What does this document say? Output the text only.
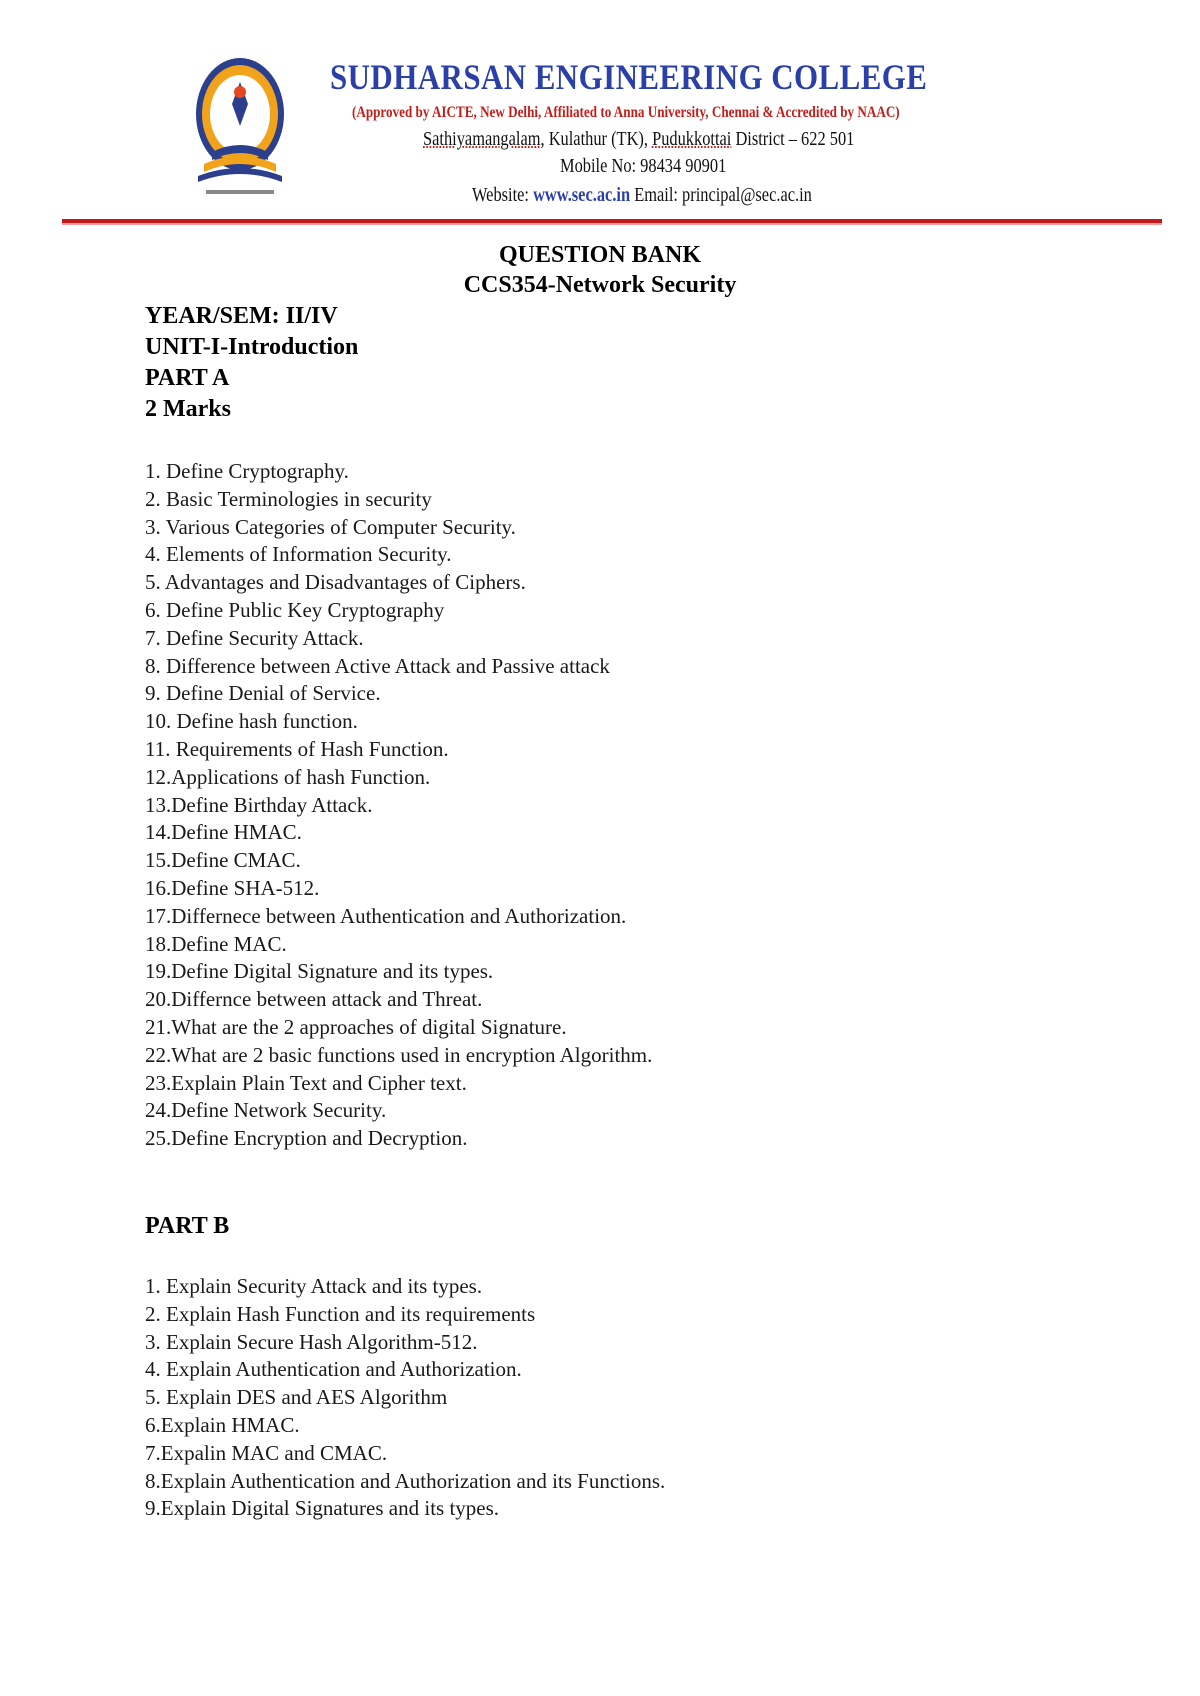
SUDHARSAN ENGINEERING COLLEGE
(Approved by AICTE, New Delhi, Affiliated to Anna University, Chennai & Accredited by NAAC)
Sathiyamangalam, Kulathur (TK), Pudukkottai District – 622 501
Mobile No: 98434 90901
Website: www.sec.ac.in Email: principal@sec.ac.in
QUESTION BANK
CCS354-Network Security
YEAR/SEM: II/IV
UNIT-I-Introduction
PART A
2 Marks
1. Define Cryptography.
2. Basic Terminologies in security
3. Various Categories of Computer Security.
4. Elements of Information Security.
5. Advantages and Disadvantages of Ciphers.
6. Define Public Key Cryptography
7. Define Security Attack.
8. Difference between Active Attack and Passive attack
9. Define Denial of Service.
10. Define hash function.
11. Requirements of Hash Function.
12.Applications of hash Function.
13.Define Birthday Attack.
14.Define HMAC.
15.Define CMAC.
16.Define SHA-512.
17.Differnece between Authentication and Authorization.
18.Define MAC.
19.Define Digital Signature and its types.
20.Differnce between attack and Threat.
21.What are the 2 approaches of digital Signature.
22.What are 2 basic functions used in encryption Algorithm.
23.Explain Plain Text and Cipher text.
24.Define Network Security.
25.Define Encryption and Decryption.
PART B
1. Explain Security Attack and its types.
2. Explain Hash Function and its requirements
3. Explain Secure Hash Algorithm-512.
4. Explain Authentication and Authorization.
5. Explain DES and AES Algorithm
6.Explain HMAC.
7.Expalin MAC and CMAC.
8.Explain Authentication and Authorization and its Functions.
9.Explain Digital Signatures and its types.
